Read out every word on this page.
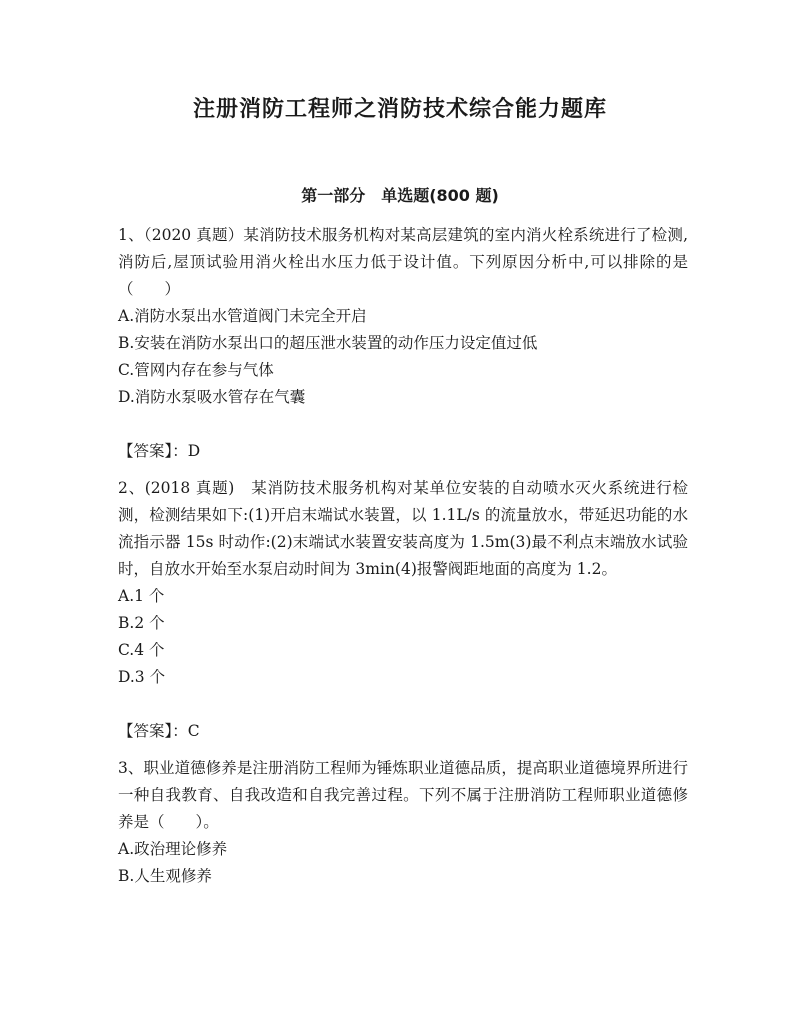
注册消防工程师之消防技术综合能力题库
第一部分　单选题(800 题)
1、（2020 真题）某消防技术服务机构对某高层建筑的室内消火栓系统进行了检测,消防后,屋顶试验用消火栓出水压力低于设计值。下列原因分析中,可以排除的是（　　）
A.消防水泵出水管道阀门未完全开启
B.安装在消防水泵出口的超压泄水装置的动作压力设定值过低
C.管网内存在参与气体
D.消防水泵吸水管存在气囊
【答案】：D
2、(2018 真题)　某消防技术服务机构对某单位安装的自动喷水灭火系统进行检测，检测结果如下:(1)开启末端试水装置，以 1.1L/s 的流量放水，带延迟功能的水流指示器 15s 时动作:(2)末端试水装置安装高度为 1.5m(3)最不利点末端放水试验时，自放水开始至水泵启动时间为 3min(4)报警阀距地面的高度为 1.2。
A.1 个
B.2 个
C.4 个
D.3 个
【答案】：C
3、职业道德修养是注册消防工程师为锤炼职业道德品质，提高职业道德境界所进行一种自我教育、自我改造和自我完善过程。下列不属于注册消防工程师职业道德修养是（　　）。
A.政治理论修养
B.人生观修养
